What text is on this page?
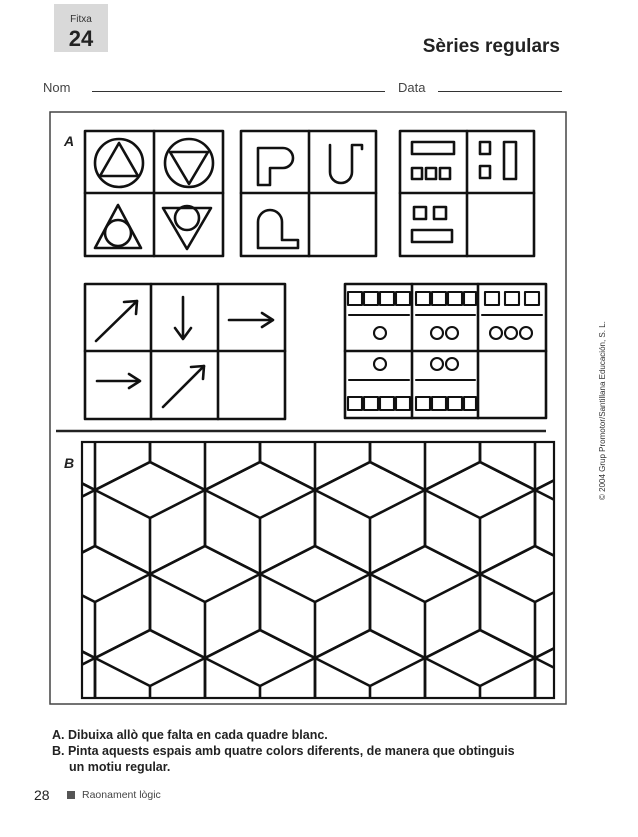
Fitxa
24	Sèries regulars
Nom	Data
© 2004 Grup Promotor/Santillana Educación, S. L.
A
B
A. Dibuixa allò que falta en cada quadre blanc.
B. Pinta aquests espais amb quatre colors diferents, de manera que obtinguis
un motiu regular.
28	Raonament lògic
